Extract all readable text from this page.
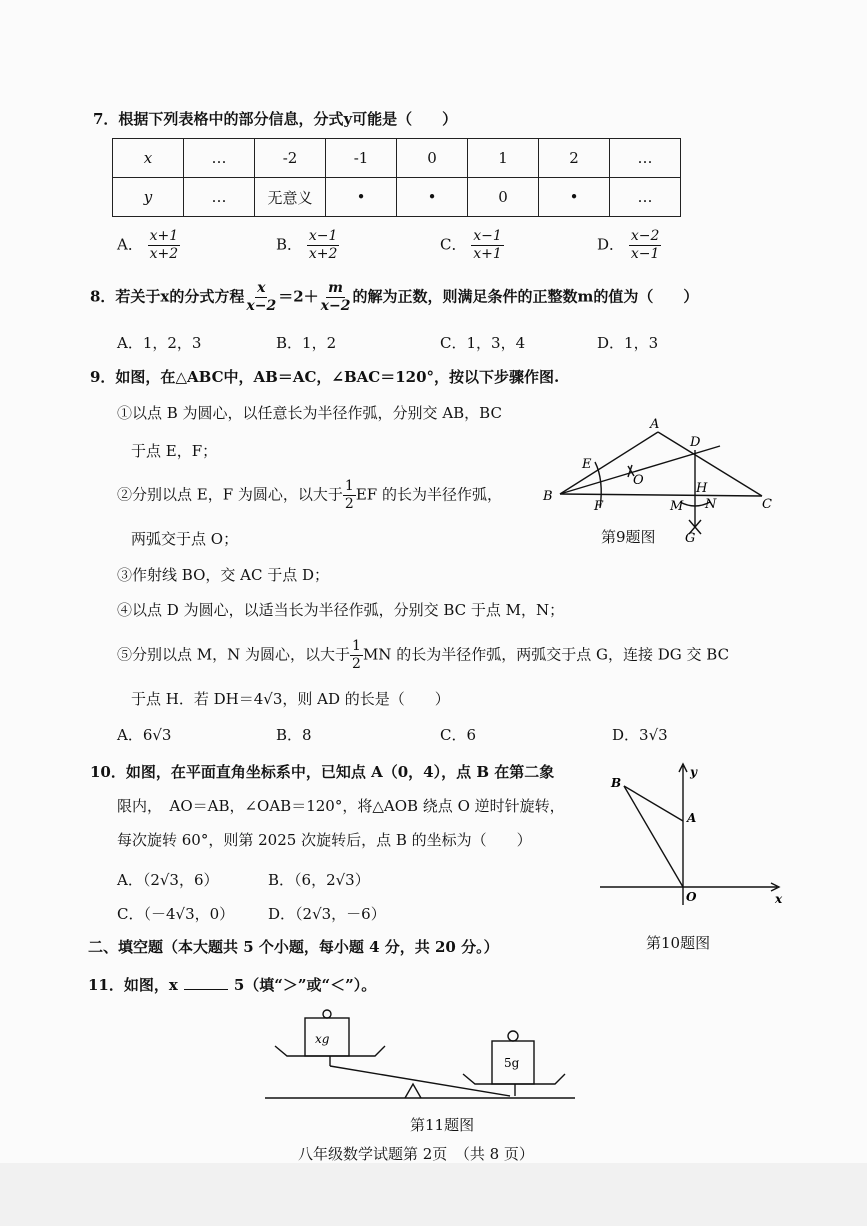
7．根据下列表格中的部分信息，分式y可能是（　　）
x	…	-2	-1	0	1	2	…
y	…	无意义	•	•	0	•	…
A． $\frac{x+1}{x+2}$	B． $\frac{x-1}{x+2}$	C． $\frac{x-1}{x+1}$	D． $\frac{x-2}{x-1}$
8．若关于x的分式方程 $\frac{x}{x-2} =2+ \frac{m}{x-2}$ 的解为正数，则满足条件的正整数m的值为（　　）
A．1，2，3	B．1，2	C．1，3，4	D．1，3
9．如图，在△ABC中，AB＝AC，∠BAC＝120°，按以下步骤作图.
①以点 B 为圆心，以任意长为半径作弧，分别交 AB，BC
于点 E，F；
②分别以点 E，F 为圆心，以大于 $\frac{1}{2}$ EF 的长为半径作弧，
两弧交于点 O；
③作射线 BO，交 AC 于点 D；
④以点 D 为圆心，以适当长为半径作弧，分别交 BC 于点 M，N；
⑤分别以点 M，N 为圆心，以大于 $\frac{1}{2}$ MN 的长为半径作弧，两弧交于点 G，连接 DG 交 BC
于点 H．若 DH＝4√3，则 AD 的长是（　　）
A．6√3	B．8	C．6	D．3√3
A
B
C
D
E
F
O
M N
H
G
第9题图
10．如图，在平面直角坐标系中，已知点 A（0，4），点 B 在第二象
限内，　AO＝AB，∠OAB＝120°，将△AOB 绕点 O 逆时针旋转，
每次旋转 60°，则第 2025 次旋转后，点 B 的坐标为（　　）
A．（2√3，6）	B．（6，2√3）
C．（－4√3，0） D．（2√3，－6）
B
A
O	x
y
第10题图
二、填空题（本大题共 5 个小题，每小题 4 分，共 20 分。）
11．如图，x	5（填“＞”或“＜”）。
xg
5g
第11题图
八年级数学试题第 2页　（共 8 页）
